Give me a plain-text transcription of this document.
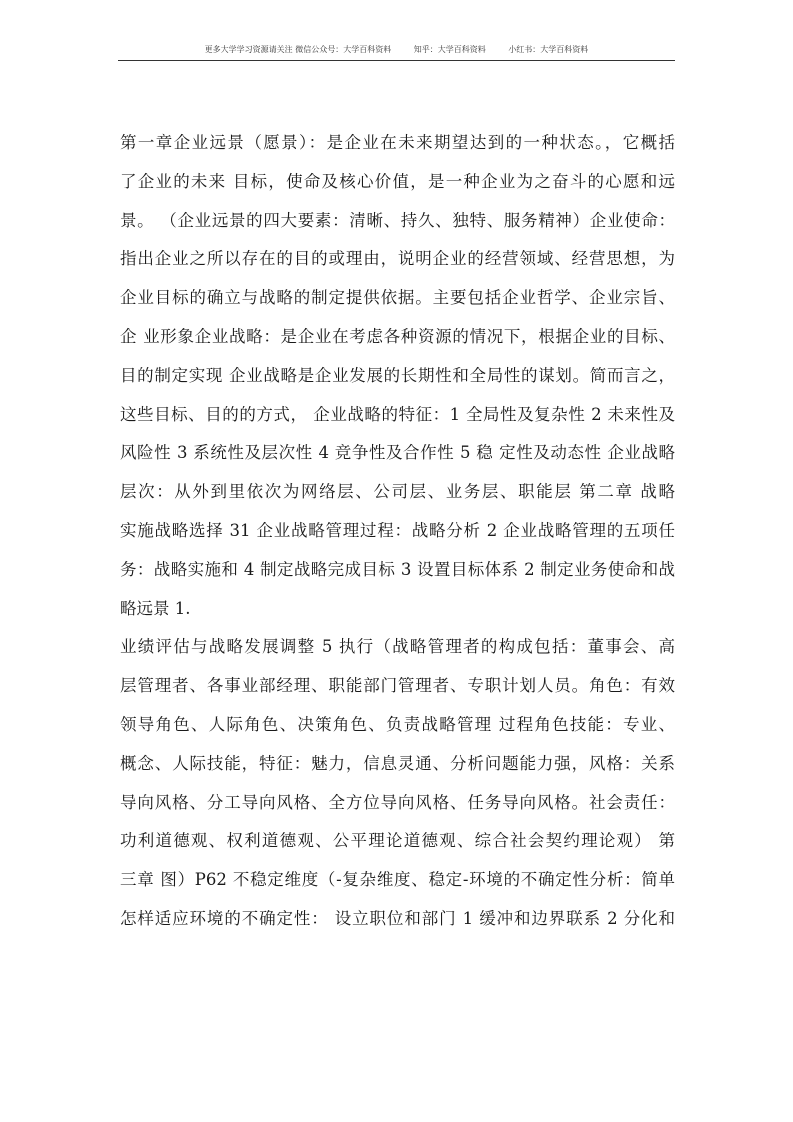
更多大学学习资源请关注 微信公众号：大学百科资料	知乎：大学百科资料	小红书：大学百科资料
第一章企业远景（愿景）：是企业在未来期望达到的一种状态。，它概括
了企业的未来 目标，使命及核心价值，是一种企业为之奋斗的心愿和远
景。 （企业远景的四大要素：清晰、持久、独特、服务精神）企业使命：
指出企业之所以存在的目的或理由，说明企业的经营领域、经营思想，为
企业目标的确立与战略的制定提供依据。主要包括企业哲学、企业宗旨、
企 业形象企业战略：是企业在考虑各种资源的情况下，根据企业的目标、
目的制定实现 企业战略是企业发展的长期性和全局性的谋划。简而言之，
这些目标、目的的方式， 企业战略的特征：1 全局性及复杂性 2 未来性及
风险性 3 系统性及层次性 4 竞争性及合作性 5 稳 定性及动态性 企业战略
层次：从外到里依次为网络层、公司层、业务层、职能层 第二章 战略
实施战略选择 31 企业战略管理过程：战略分析 2 企业战略管理的五项任
务：战略实施和 4 制定战略完成目标 3 设置目标体系 2 制定业务使命和战
略远景 1.
业绩评估与战略发展调整 5 执行（战略管理者的构成包括：董事会、高
层管理者、各事业部经理、职能部门管理者、专职计划人员。角色：有效
领导角色、人际角色、决策角色、负责战略管理 过程角色技能：专业、
概念、人际技能，特征：魅力，信息灵通、分析问题能力强，风格：关系
导向风格、分工导向风格、全方位导向风格、任务导向风格。社会责任：
功利道德观、权利道德观、公平理论道德观、综合社会契约理论观） 第
三章 图）P62 不稳定维度（-复杂维度、稳定-环境的不确定性分析：简单
怎样适应环境的不确定性： 设立职位和部门 1 缓冲和边界联系 2 分化和
